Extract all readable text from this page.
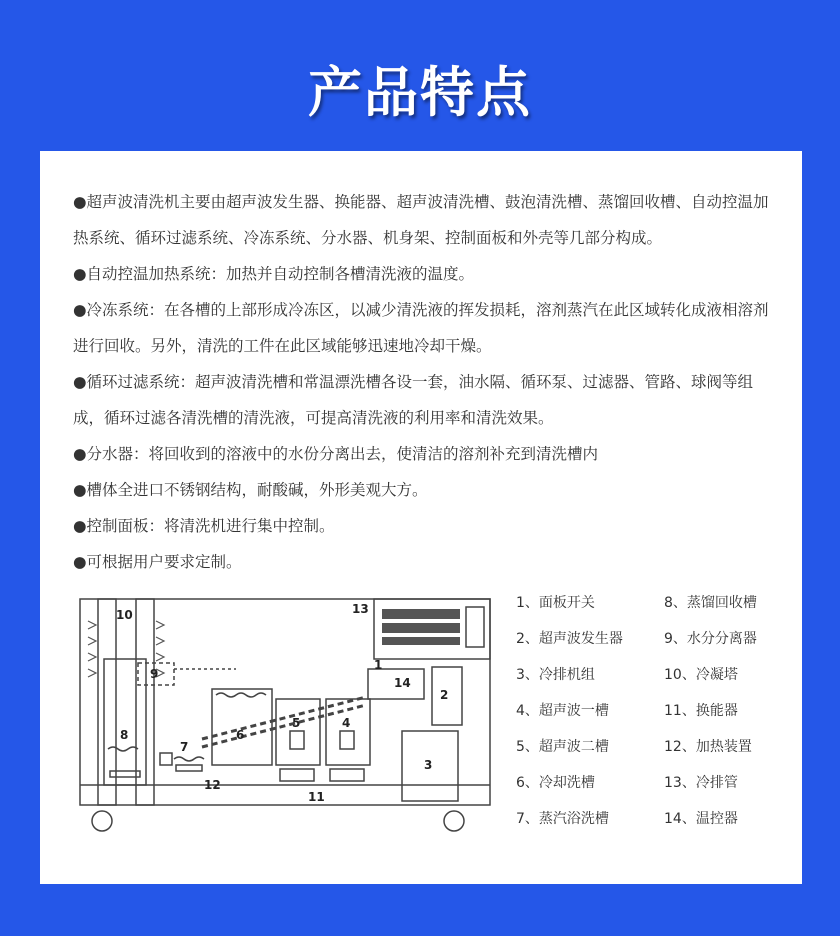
产品特点

●超声波清洗机主要由超声波发生器、换能器、超声波清洗槽、鼓泡清洗槽、蒸馏回收槽、自动控温加热系统、循环过滤系统、冷冻系统、分水器、机身架、控制面板和外壳等几部分构成。

●自动控温加热系统：加热并自动控制各槽清洗液的温度。

●冷冻系统：在各槽的上部形成冷冻区，以减少清洗液的挥发损耗，溶剂蒸汽在此区域转化成液相溶剂进行回收。另外，清洗的工件在此区域能够迅速地冷却干燥。

●循环过滤系统：超声波清洗槽和常温漂洗槽各设一套，油水隔、循环泵、过滤器、管路、球阀等组成，循环过滤各清洗槽的清洗液，可提高清洗液的利用率和清洗效果。

●分水器：将回收到的溶液中的水份分离出去，使清洁的溶剂补充到清洗槽内

●槽体全进口不锈钢结构，耐酸碱，外形美观大方。

●控制面板：将清洗机进行集中控制。

●可根据用户要求定制。

1
2
3
4
5
6
7
8
9
10
11
12
13
14
1、面板开关
2、超声波发生器
3、冷排机组
4、超声波一槽
5、超声波二槽
6、冷却洗槽
7、蒸汽浴洗槽
8、蒸馏回收槽
9、水分分离器
10、冷凝塔
11、换能器
12、加热装置
13、冷排管
14、温控器
